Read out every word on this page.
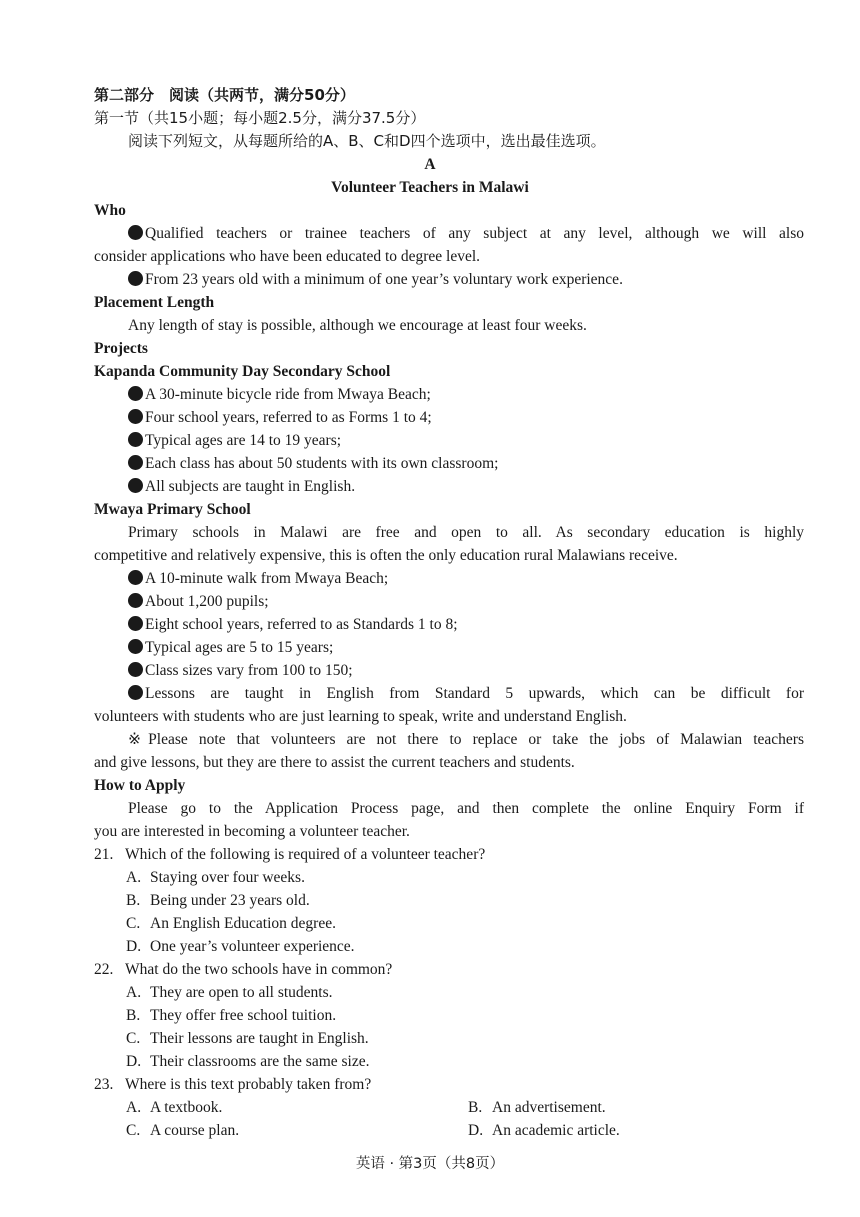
第二部分　阅读（共两节，满分50分）
第一节（共15小题；每小题2.5分，满分37.5分）
阅读下列短文，从每题所给的A、B、C和D四个选项中，选出最佳选项。
A
Volunteer Teachers in Malawi
Who
Qualified teachers or trainee teachers of any subject at any level, although we will also
consider applications who have been educated to degree level.
From 23 years old with a minimum of one year’s voluntary work experience.
Placement Length
Any length of stay is possible, although we encourage at least four weeks.
Projects
Kapanda Community Day Secondary School
A 30-minute bicycle ride from Mwaya Beach;
Four school years, referred to as Forms 1 to 4;
Typical ages are 14 to 19 years;
Each class has about 50 students with its own classroom;
All subjects are taught in English.
Mwaya Primary School
Primary schools in Malawi are free and open to all. As secondary education is highly
competitive and relatively expensive, this is often the only education rural Malawians receive.
A 10-minute walk from Mwaya Beach;
About 1,200 pupils;
Eight school years, referred to as Standards 1 to 8;
Typical ages are 5 to 15 years;
Class sizes vary from 100 to 150;
Lessons are taught in English from Standard 5 upwards, which can be difficult for
volunteers with students who are just learning to speak, write and understand English.
※Please note that volunteers are not there to replace or take the jobs of Malawian teachers
and give lessons, but they are there to assist the current teachers and students.
How to Apply
Please go to the Application Process page, and then complete the online Enquiry Form if
you are interested in becoming a volunteer teacher.
21. Which of the following is required of a volunteer teacher?
A. Staying over four weeks.
B. Being under 23 years old.
C. An English Education degree.
D. One year’s volunteer experience.
22. What do the two schools have in common?
A. They are open to all students.
B. They offer free school tuition.
C. Their lessons are taught in English.
D. Their classrooms are the same size.
23. Where is this text probably taken from?
A. A textbook.	B. An advertisement.
C. A course plan.	D. An academic article.
英语 · 第3页（共8页）
